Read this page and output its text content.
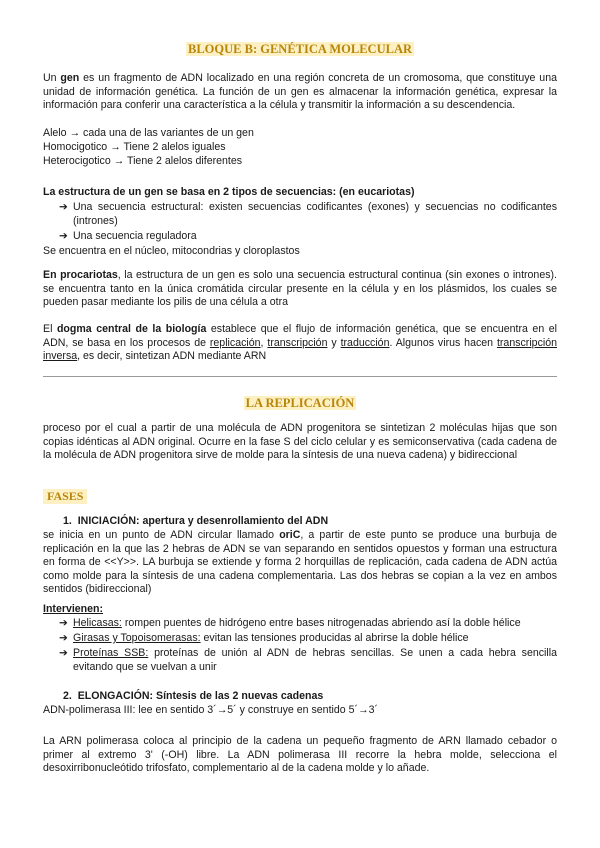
BLOQUE B: GENÉTICA MOLECULAR

Un gen es un fragmento de ADN localizado en una región concreta de un cromosoma, que constituye una unidad de información genética. La función de un gen es almacenar la información genética, expresar la información para conferir una característica a la célula y transmitir la información a su descendencia.

Alelo → cada una de las variantes de un gen
Homocigotico → Tiene 2 alelos iguales
Heterocigotico → Tiene 2 alelos diferentes
La estructura de un gen se basa en 2 tipos de secuencias: (en eucariotas)
➔ Una secuencia estructural: existen secuencias codificantes (exones) y secuencias no codificantes (intrones)
➔ Una secuencia reguladora
Se encuentra en el núcleo, mitocondrias y cloroplastos

En procariotas, la estructura de un gen es solo una secuencia estructural continua (sin exones o intrones). se encuentra tanto en la única cromátida circular presente en la célula y en los plásmidos, los cuales se pueden pasar mediante los pilis de una célula a otra

El dogma central de la biología establece que el flujo de información genética, que se encuentra en el ADN, se basa en los procesos de replicación, transcripción y traducción. Algunos virus hacen transcripción inversa, es decir, sintetizan ADN mediante ARN

LA REPLICACIÓN

proceso por el cual a partir de una molécula de ADN progenitora se sintetizan 2 moléculas hijas que son copias idénticas al ADN original. Ocurre en la fase S del ciclo celular y es semiconservativa (cada cadena de la molécula de ADN progenitora sirve de molde para la síntesis de una nueva cadena) y bidireccional

FASES
1. INICIACIÓN: apertura y desenrollamiento del ADN

se inicia en un punto de ADN circular llamado oriC, a partir de este punto se produce una burbuja de replicación en la que las 2 hebras de ADN se van separando en sentidos opuestos y forman una estructura en forma de <<Y>>. LA burbuja se extiende y forma 2 horquillas de replicación, cada cadena de ADN actúa como molde para la síntesis de una cadena complementaria. Las dos hebras se copian a la vez en ambos sentidos (bidireccional)

Intervienen:
➔ Helicasas: rompen puentes de hidrógeno entre bases nitrogenadas abriendo así la doble hélice
➔ Girasas y Topoisomerasas: evitan las tensiones producidas al abrirse la doble hélice
➔ Proteínas SSB: proteínas de unión al ADN de hebras sencillas. Se unen a cada hebra sencilla evitando que se vuelvan a unir
2. ELONGACIÓN: Síntesis de las 2 nuevas cadenas
ADN-polimerasa III: lee en sentido 3´→5´ y construye en sentido 5´→3´

La ARN polimerasa coloca al principio de la cadena un pequeño fragmento de ARN llamado cebador o primer al extremo 3' (-OH) libre. La ADN polimerasa III recorre la hebra molde, selecciona el desoxirribonucleótido trifosfato, complementario al de la cadena molde y lo añade.
